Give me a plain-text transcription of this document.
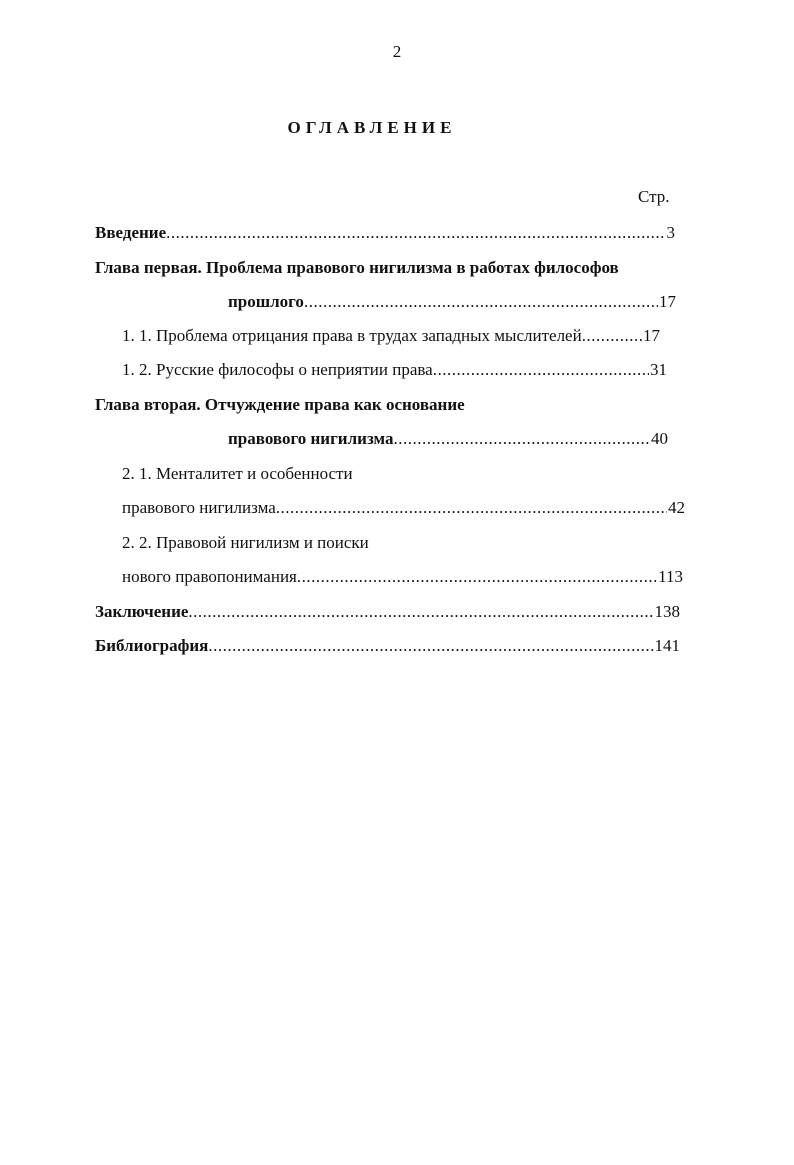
2
ОГЛАВЛЕНИЕ
Стр.
Введение .....	3
Глава первая. Проблема правового нигилизма в работах философов
прошлого .....	17
1. 1. Проблема отрицания права в трудах западных мыслителей .....	17
1. 2. Русские философы о неприятии права .....	31
Глава вторая. Отчуждение права как основание
правового нигилизма .....	40
2. 1. Менталитет и особенности
правового нигилизма .....	42
2. 2. Правовой нигилизм и поиски
нового правопонимания .....	113
Заключение .....	138
Библиография .....	141
